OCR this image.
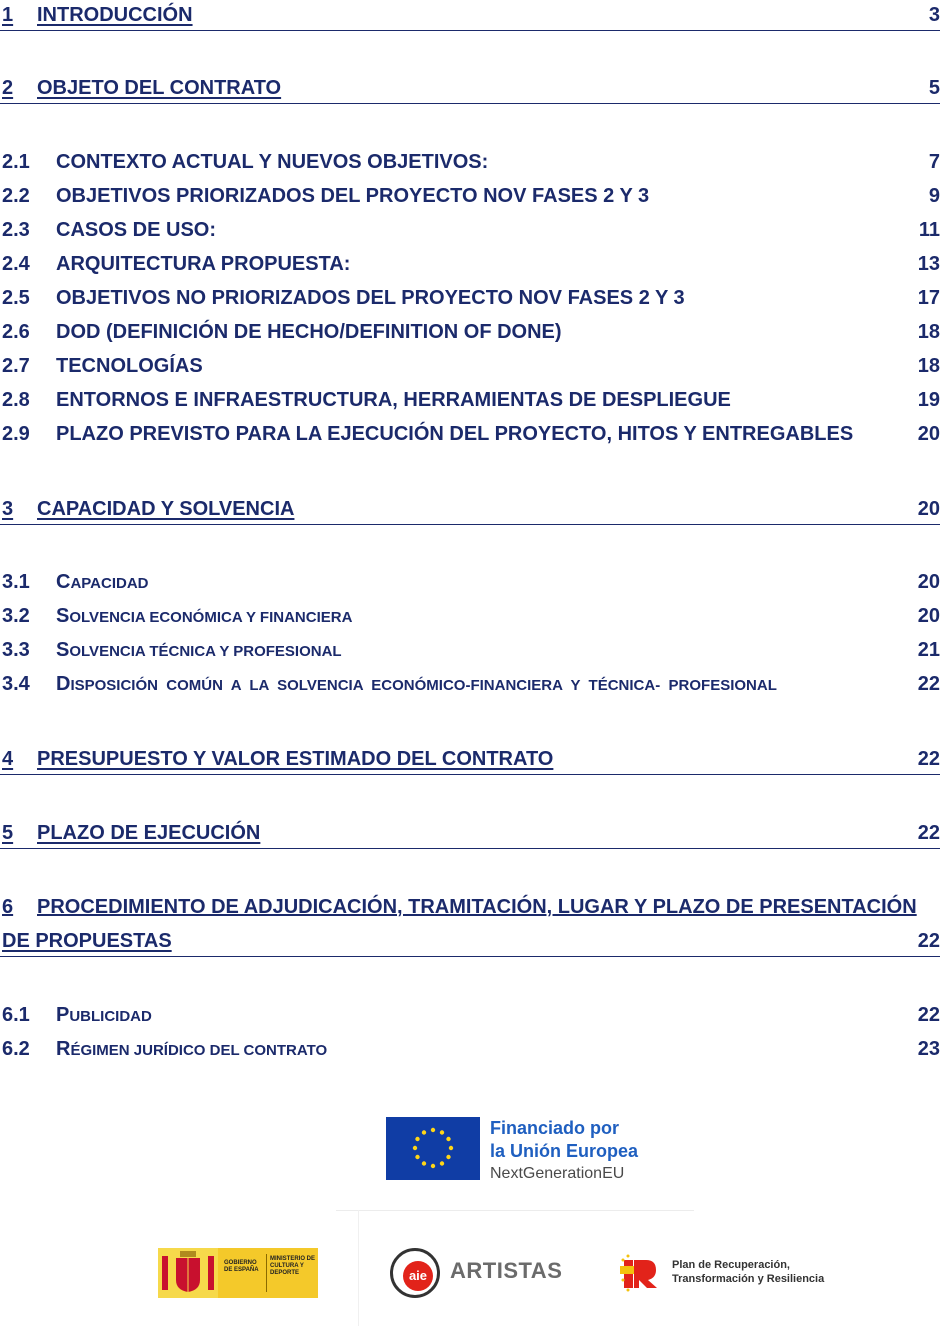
1 INTRODUCCIÓN	3
2 OBJETO DEL CONTRATO	5
2.1 CONTEXTO ACTUAL Y NUEVOS OBJETIVOS:	7
2.2 OBJETIVOS PRIORIZADOS DEL PROYECTO NOV FASES 2 Y 3	9
2.3 CASOS DE USO:	11
2.4 ARQUITECTURA PROPUESTA:	13
2.5 OBJETIVOS NO PRIORIZADOS DEL PROYECTO NOV FASES 2 Y 3	17
2.6 DOD (DEFINICIÓN DE HECHO/DEFINITION OF DONE)	18
2.7 TECNOLOGÍAS	18
2.8 ENTORNOS E INFRAESTRUCTURA, HERRAMIENTAS DE DESPLIEGUE	19
2.9 PLAZO PREVISTO PARA LA EJECUCIÓN DEL PROYECTO, HITOS Y ENTREGABLES	20
3 CAPACIDAD Y SOLVENCIA	20
3.1 CAPACIDAD	20
3.2 SOLVENCIA ECONÓMICA Y FINANCIERA	20
3.3 SOLVENCIA TÉCNICA Y PROFESIONAL	21
3.4 DISPOSICIÓN  COMÚN  A  LA  SOLVENCIA  ECONÓMICO-FINANCIERA  Y  TÉCNICA-  PROFESIONAL	22
4 PRESUPUESTO Y VALOR ESTIMADO DEL CONTRATO	22
5 PLAZO DE EJECUCIÓN	22
6 PROCEDIMIENTO DE ADJUDICACIÓN, TRAMITACIÓN, LUGAR Y PLAZO DE PRESENTACIÓN
DE PROPUESTAS	22
6.1 PUBLICIDAD	22
6.2 RÉGIMEN JURÍDICO DEL CONTRATO	23
Financiado por
la Unión Europea
NextGenerationEU
GOBIERNO DE ESPAÑA
MINISTERIO DE CULTURA Y DEPORTE	aie ARTISTAS	Plan de Recuperación,
Transformación y Resiliencia
